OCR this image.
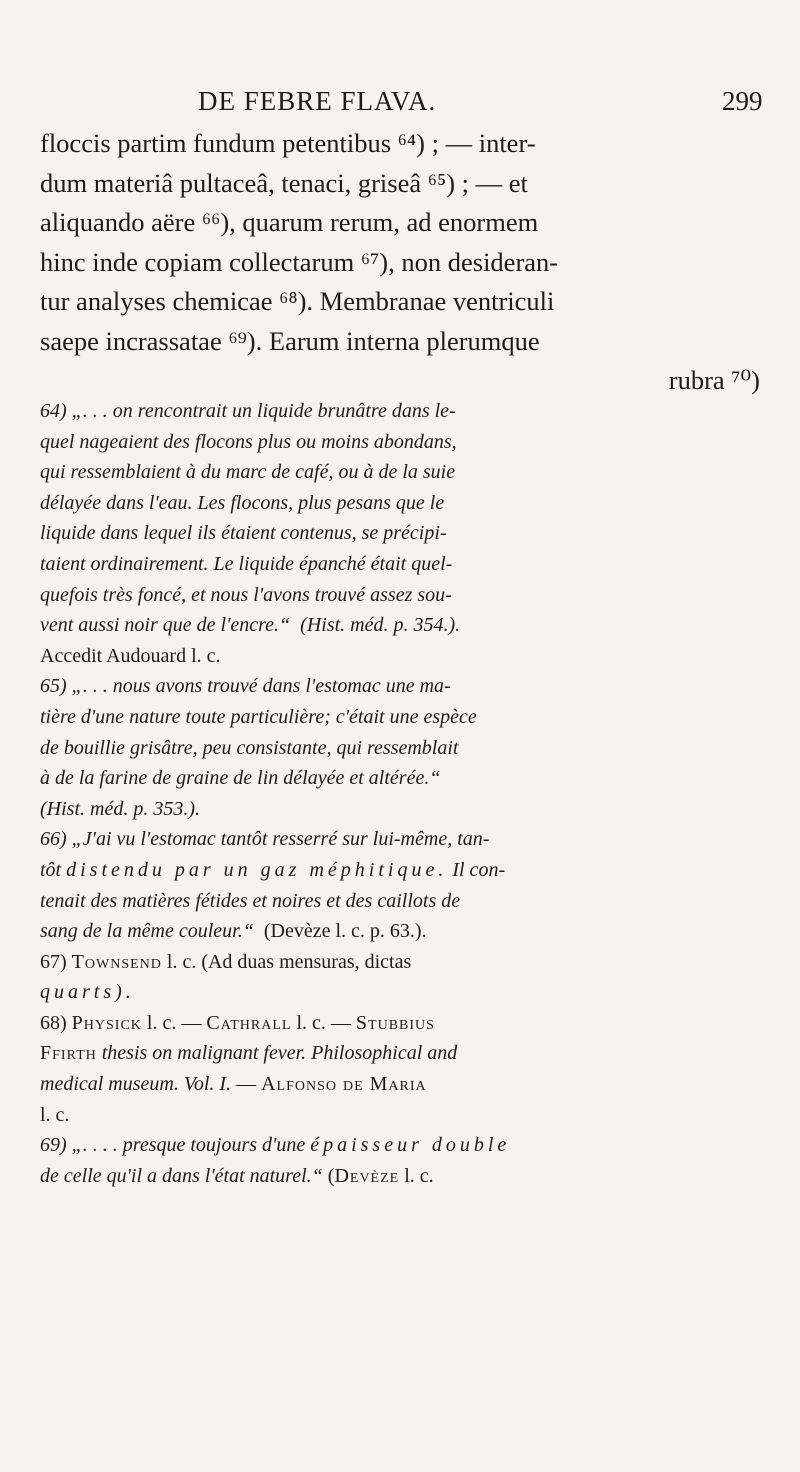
DE FEBRE FLAVA.	299
floccis partim fundum petentibus ⁶⁴) ; — inter-
dum materiâ pultaceâ, tenaci, griseâ ⁶⁵) ; — et
aliquando aëre ⁶⁶), quarum rerum, ad enormem
hinc inde copiam collectarum ⁶⁷), non desideran-
tur analyses chemicae ⁶⁸). Membranae ventriculi
saepe incrassatae ⁶⁹). Earum interna plerumque
rubra ⁷⁰)
64) „. . . on rencontrait un liquide brunâtre dans le-
quel nageaient des flocons plus ou moins abondans,
qui ressemblaient à du marc de café, ou à de la suie
délayée dans l'eau. Les flocons, plus pesans que le
liquide dans lequel ils étaient contenus, se précipi-
taient ordinairement. Le liquide épanché était quel-
quefois très foncé, et nous l'avons trouvé assez sou-
vent aussi noir que de l'encre.“ (Hist. méd. p. 354.).
Accedit Audouard l. c.
65) „. . . nous avons trouvé dans l'estomac une ma-
tière d'une nature toute particulière; c'était une espèce
de bouillie grisâtre, peu consistante, qui ressemblait
à de la farine de graine de lin délayée et altérée.“
(Hist. méd. p. 353.).
66) „J'ai vu l'estomac tantôt resserré sur lui-même, tan-
tôt distendu par un gaz méphitique. Il con-
tenait des matières fétides et noires et des caillots de
sang de la même couleur.“ (Devèze l. c. p. 63.).
67) Townsend l. c. (Ad duas mensuras, dictas
quarts).
68) Physick l. c. — Cathrall l. c. — Stubbius
Ffirth thesis on malignant fever. Philosophical and
medical museum. Vol. I. — Alfonso de Maria
l. c.
69) „. . . . presque toujours d'une épaisseur double
de celle qu'il a dans l'état naturel.“ (Devèze l. c.
